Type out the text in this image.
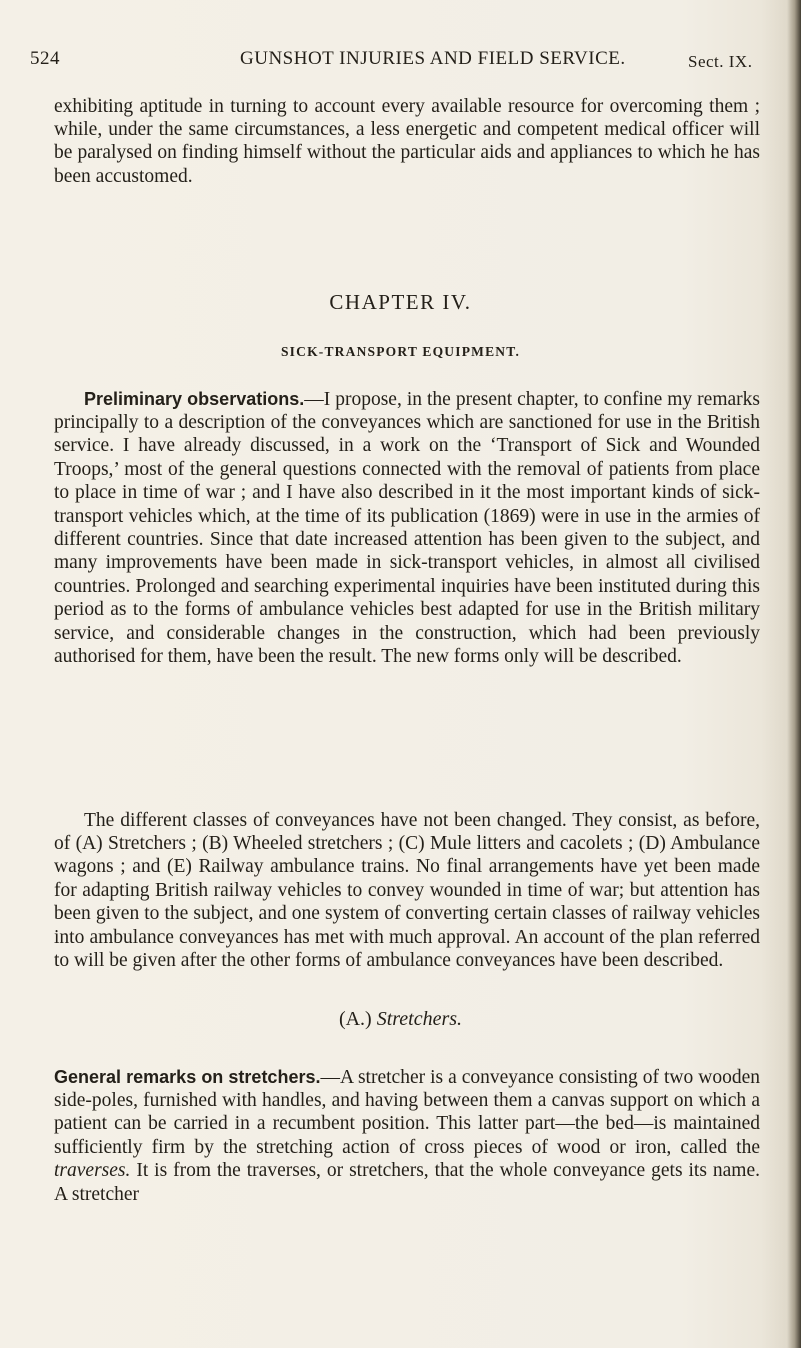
524	GUNSHOT INJURIES AND FIELD SERVICE.	Sect. IX.

exhibiting aptitude in turning to account every available resource for overcoming them ; while, under the same circumstances, a less energetic and competent medical officer will be paralysed on finding himself without the particular aids and appliances to which he has been accustomed.

CHAPTER IV.
SICK-TRANSPORT EQUIPMENT.

Preliminary observations.—I propose, in the present chapter, to confine my remarks principally to a description of the conveyances which are sanctioned for use in the British service. I have already discussed, in a work on the ‘Transport of Sick and Wounded Troops,’ most of the general questions connected with the removal of patients from place to place in time of war ; and I have also described in it the most important kinds of sick-transport vehicles which, at the time of its publication (1869) were in use in the armies of different countries. Since that date increased attention has been given to the subject, and many improvements have been made in sick-transport vehicles, in almost all civilised countries. Prolonged and searching experimental inquiries have been instituted during this period as to the forms of ambulance vehicles best adapted for use in the British military service, and considerable changes in the construction, which had been previously authorised for them, have been the result. The new forms only will be described.

The different classes of conveyances have not been changed. They consist, as before, of (A) Stretchers ; (B) Wheeled stretchers ; (C) Mule litters and cacolets ; (D) Ambulance wagons ; and (E) Railway ambulance trains. No final arrangements have yet been made for adapting British railway vehicles to convey wounded in time of war; but attention has been given to the subject, and one system of converting certain classes of railway vehicles into ambulance conveyances has met with much approval. An account of the plan referred to will be given after the other forms of ambulance conveyances have been described.

(A.) Stretchers.

General remarks on stretchers.—A stretcher is a conveyance consisting of two wooden side-poles, furnished with handles, and having between them a canvas support on which a patient can be carried in a recumbent position. This latter part—the bed—is maintained sufficiently firm by the stretching action of cross pieces of wood or iron, called the traverses. It is from the traverses, or stretchers, that the whole conveyance gets its name. A stretcher
